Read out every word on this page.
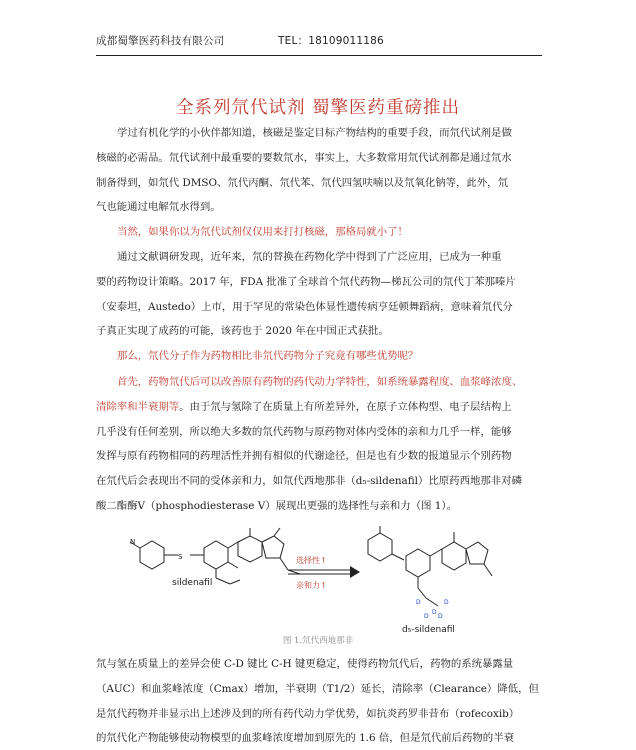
成都蜀擎医药科技有限公司	TEL：18109011186
全系列氘代试剂 蜀擎医药重磅推出
学过有机化学的小伙伴都知道，核磁是鉴定目标产物结构的重要手段，而氘代试剂是做
核磁的必需品。氘代试剂中最重要的要数氘水，事实上，大多数常用氘代试剂都是通过氘水
制备得到，如氘代 DMSO、氘代丙酮、氘代苯、氘代四氢呋喃以及氘氧化钠等，此外，氘
气也能通过电解氘水得到。
当然，如果你以为氘代试剂仅仅用来打打核磁，那格局就小了！
通过文献调研发现，近年来，氘的替换在药物化学中得到了广泛应用，已成为一种重
要的药物设计策略。2017 年，FDA 批准了全球首个氘代药物—梯瓦公司的氘代丁苯那嗪片
（安泰坦，Austedo）上市，用于罕见的常染色体显性遗传病亨廷顿舞蹈病，意味着氘代分
子真正实现了成药的可能，该药也于 2020 年在中国正式获批。
那么，氘代分子作为药物相比非氘代药物分子究竟有哪些优势呢？
首先，药物氘代后可以改善原有药物的药代动力学特性，如系统暴露程度、血浆峰浓度、
清除率和半衰期等。由于氘与氢除了在质量上有所差异外，在原子立体构型、电子层结构上
几乎没有任何差别，所以绝大多数的氘代药物与原药物对体内受体的亲和力几乎一样，能够
发挥与原有药物相同的药理活性并拥有相似的代谢途径，但是也有少数的报道显示个别药物
在氘代后会表现出不同的受体亲和力，如氘代西地那非（d₅-sildenafil）比原药西地那非对磷
酸二酯酶V（phosphodiesterase V）展现出更强的选择性与亲和力（图 1）。
N
S
sildenafil
选择性↑
亲和力↑
D
D
D
D
D
d₅-sildenafil
图 1.氘代西地那非
氘与氢在质量上的差异会使 C-D 键比 C-H 键更稳定，使得药物氘代后，药物的系统暴露量
（AUC）和血浆峰浓度（Cmax）增加，半衰期（T1/2）延长，清除率（Clearance）降低，但
是氘代药物并非显示出上述涉及到的所有药代动力学优势，如抗炎药罗非昔布（rofecoxib）
的氘代化产物能够使动物模型的血浆峰浓度增加到原先的 1.6 倍，但是氘代前后药物的半衰
